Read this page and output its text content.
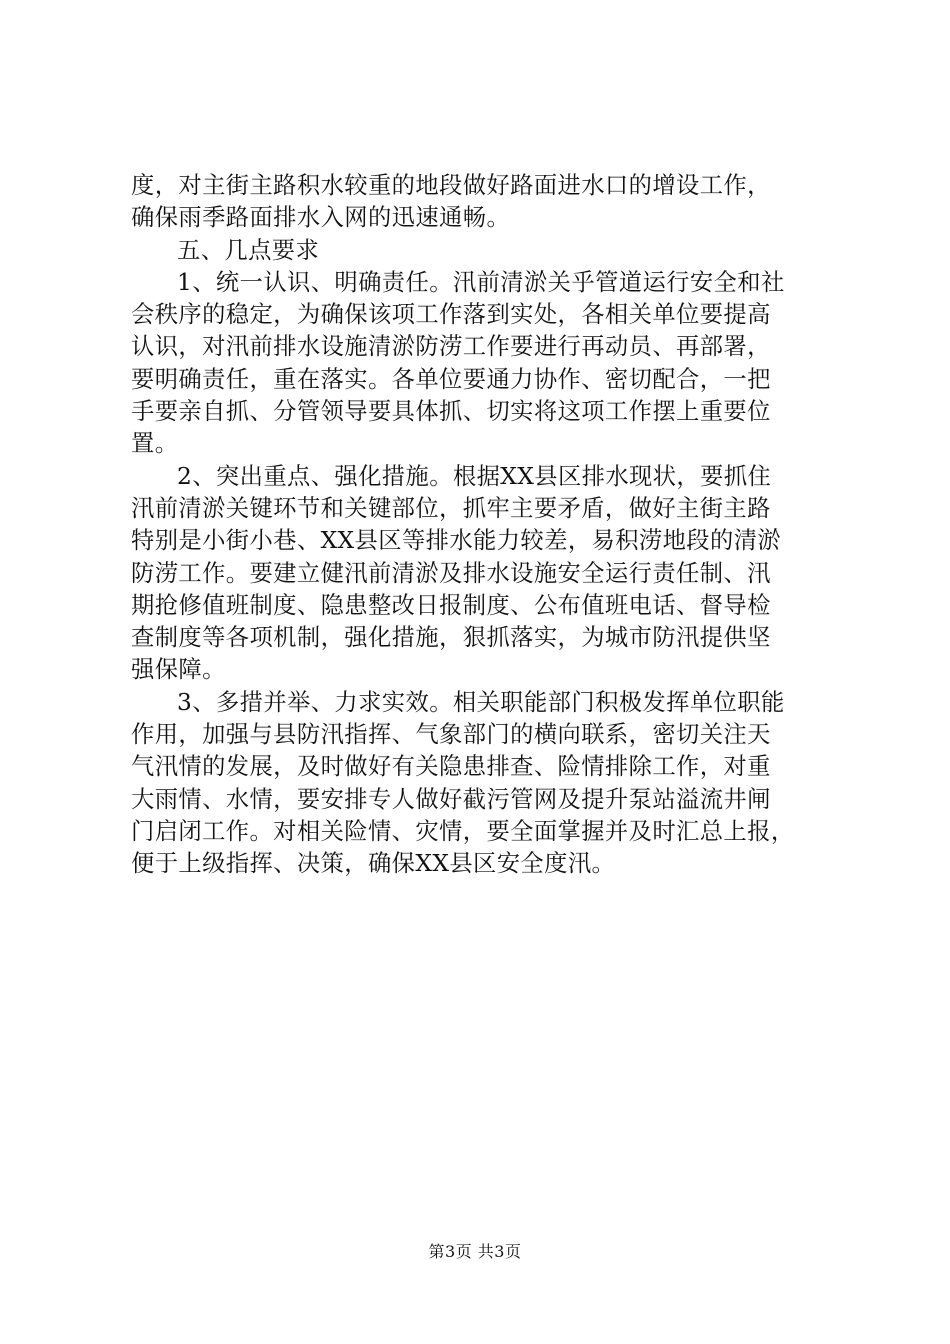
度，对主街主路积水较重的地段做好路面进水口的增设工作，
确保雨季路面排水入网的迅速通畅。
五、几点要求
1、统一认识、明确责任。汛前清淤关乎管道运行安全和社
会秩序的稳定，为确保该项工作落到实处，各相关单位要提高
认识，对汛前排水设施清淤防涝工作要进行再动员、再部署，
要明确责任，重在落实。各单位要通力协作、密切配合，一把
手要亲自抓、分管领导要具体抓、切实将这项工作摆上重要位
置。
2、突出重点、强化措施。根据XX县区排水现状，要抓住
汛前清淤关键环节和关键部位，抓牢主要矛盾，做好主街主路
特别是小街小巷、XX县区等排水能力较差，易积涝地段的清淤
防涝工作。要建立健汛前清淤及排水设施安全运行责任制、汛
期抢修值班制度、隐患整改日报制度、公布值班电话、督导检
查制度等各项机制，强化措施，狠抓落实，为城市防汛提供坚
强保障。
3、多措并举、力求实效。相关职能部门积极发挥单位职能
作用，加强与县防汛指挥、气象部门的横向联系，密切关注天
气汛情的发展，及时做好有关隐患排查、险情排除工作，对重
大雨情、水情，要安排专人做好截污管网及提升泵站溢流井闸
门启闭工作。对相关险情、灾情，要全面掌握并及时汇总上报，
便于上级指挥、决策，确保XX县区安全度汛。
第3页 共3页
